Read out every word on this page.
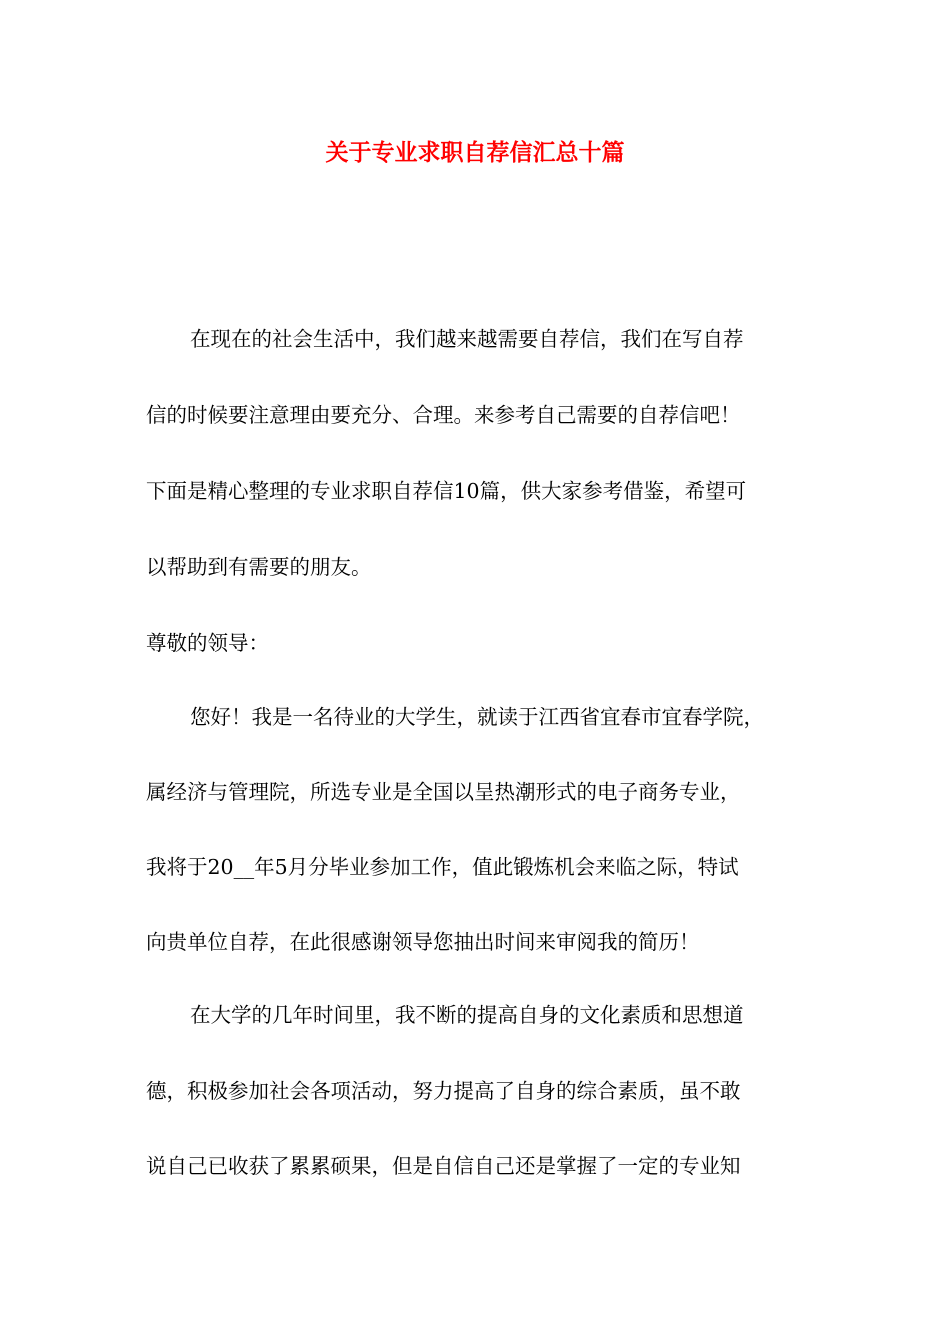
关于专业求职自荐信汇总十篇

在现在的社会生活中，我们越来越需要自荐信，我们在写自荐

信的时候要注意理由要充分、合理。来参考自己需要的自荐信吧！

下面是精心整理的专业求职自荐信10篇，供大家参考借鉴，希望可

以帮助到有需要的朋友。

尊敬的领导：

您好！我是一名待业的大学生，就读于江西省宜春市宜春学院，

属经济与管理院，所选专业是全国以呈热潮形式的电子商务专业，

我将于20__年5月分毕业参加工作，值此锻炼机会来临之际，特试

向贵单位自荐，在此很感谢领导您抽出时间来审阅我的简历！

在大学的几年时间里，我不断的提高自身的文化素质和思想道

德，积极参加社会各项活动，努力提高了自身的综合素质，虽不敢

说自己已收获了累累硕果，但是自信自己还是掌握了一定的专业知
